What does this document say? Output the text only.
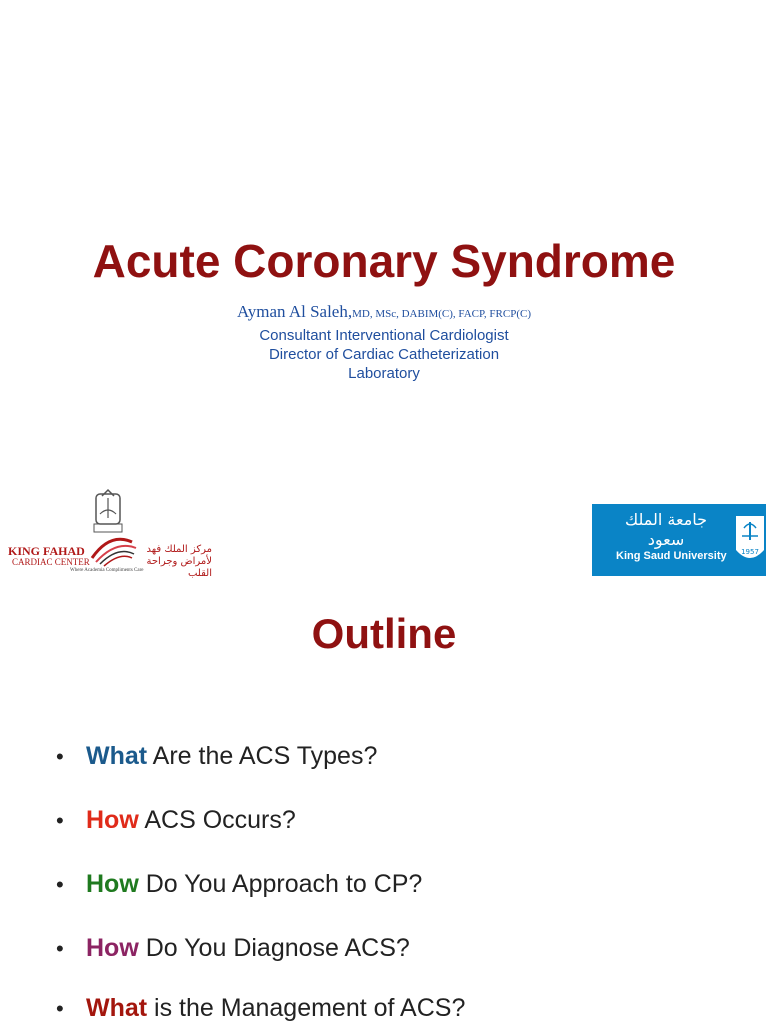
Acute Coronary Syndrome
Ayman Al Saleh,MD, MSc, DABIM(C), FACP, FRCP(C)
Consultant Interventional Cardiologist
Director of Cardiac Catheterization
Laboratory
KING FAHAD
CARDIAC CENTER
مركز الملك فهد لأمراض وجراحة القلب
Where Academia Compliments Care
جامعة الملك سعود
King Saud University 1957
Outline
• What Are the ACS Types?
• How ACS Occurs?
• How Do You Approach to CP?
• How Do You Diagnose ACS?
• What is the Management of ACS?
